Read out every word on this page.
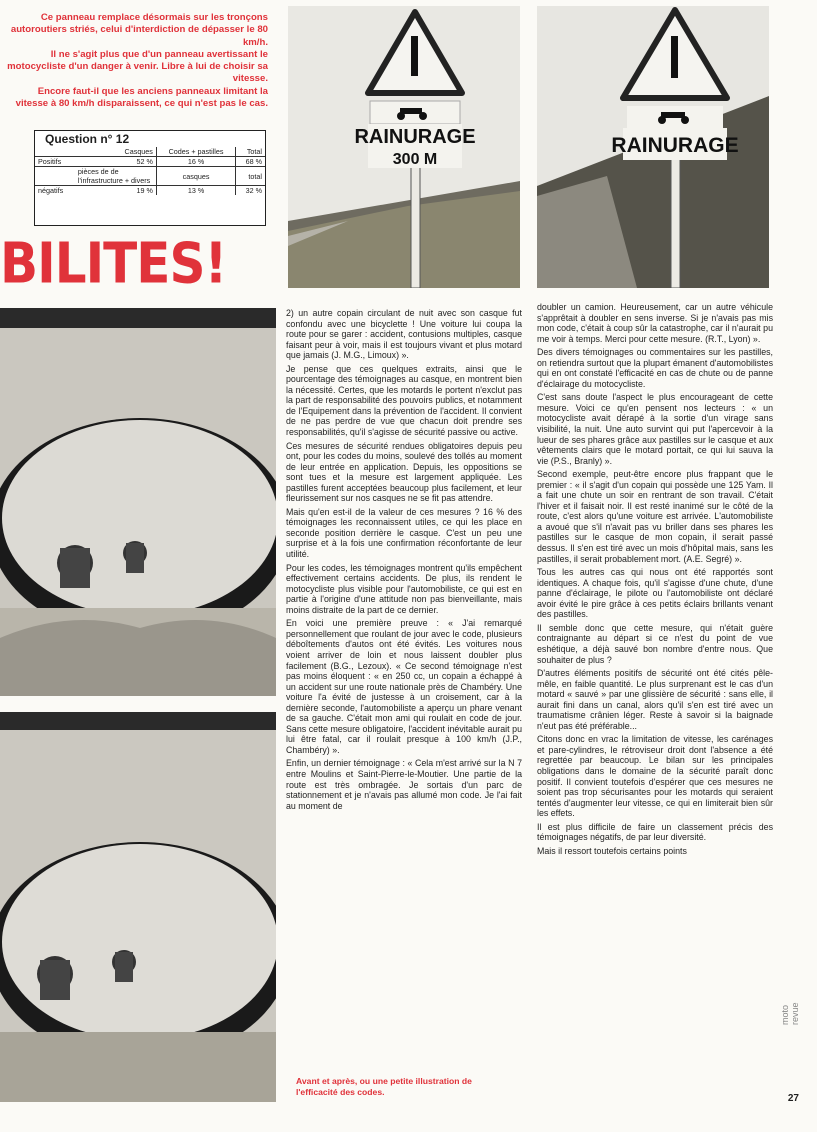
Ce panneau remplace désormais sur les tronçons autoroutiers striés, celui d'interdiction de dépasser le 80 km/h.

Il ne s'agit plus que d'un panneau avertissant le motocycliste d'un danger à venir. Libre à lui de choisir sa vitesse.

Encore faut-il que les anciens panneaux limitant la vitesse à 80 km/h disparaissent, ce qui n'est pas le cas.

Question n° 12
	Casques	Codes + pastilles	Total
Positifs	52 %	16 %	68 %
	pièces de de l'infrastructure + divers	casques	total
négatifs	19 %	13 %	32 %
BILITES!
RAINURAGE
300 M
RAINURAGE

2) un autre copain circulant de nuit avec son casque fut confondu avec une bicyclette ! Une voiture lui coupa la route pour se garer : accident, contusions multiples, casque faisant peur à voir, mais il est toujours vivant et plus motard que jamais (J. M.G., Limoux) ».

Je pense que ces quelques extraits, ainsi que le pourcentage des témoignages au casque, en montrent bien la nécessité. Certes, que les motards le portent n'exclut pas la part de responsabilité des pouvoirs publics, et notamment de l'Equipement dans la prévention de l'accident. Il convient de ne pas perdre de vue que chacun doit prendre ses responsabilités, qu'il s'agisse de sécurité passive ou active.

Ces mesures de sécurité rendues obligatoires depuis peu ont, pour les codes du moins, soulevé des tollés au moment de leur entrée en application. Depuis, les oppositions se sont tues et la mesure est largement appliquée. Les pastilles furent acceptées beaucoup plus facilement, et leur fleurissement sur nos casques ne se fit pas attendre.

Mais qu'en est-il de la valeur de ces mesures ? 16 % des témoignages les reconnaissent utiles, ce qui les place en seconde position derrière le casque. C'est un peu une surprise et à la fois une confirmation réconfortante de leur utilité.

Pour les codes, les témoignages montrent qu'ils empêchent effectivement certains accidents. De plus, ils rendent le motocycliste plus visible pour l'automobiliste, ce qui est en partie à l'origine d'une attitude non pas bienveillante, mais moins distraite de la part de ce dernier.

En voici une première preuve : « J'ai remarqué personnellement que roulant de jour avec le code, plusieurs déboîtements d'autos ont été évités. Les voitures nous voient arriver de loin et nous laissent doubler plus facilement (B.G., Lezoux). « Ce second témoignage n'est pas moins éloquent : « en 250 cc, un copain a échappé à un accident sur une route nationale près de Chambéry. Une voiture l'a évité de justesse à un croisement, car à la dernière seconde, l'automobiliste a aperçu un phare venant de sa gauche. C'était mon ami qui roulait en code de jour. Sans cette mesure obligatoire, l'accident inévitable aurait pu lui être fatal, car il roulait presque à 100 km/h (J.P., Chambéry) ».

Enfin, un dernier témoignage : « Cela m'est arrivé sur la N 7 entre Moulins et Saint-Pierre-le-Moutier. Une partie de la route est très ombragée. Je sortais d'un parc de stationnement et je n'avais pas allumé mon code. Je l'ai fait au moment de

Avant et après, ou une petite illustration de l'efficacité des codes.

doubler un camion. Heureusement, car un autre véhicule s'apprêtait à doubler en sens inverse. Si je n'avais pas mis mon code, c'était à coup sûr la catastrophe, car il n'aurait pu me voir à temps. Merci pour cette mesure. (R.T., Lyon) ».

Des divers témoignages ou commentaires sur les pastilles, on retiendra surtout que la plupart émanent d'automobilistes qui en ont constaté l'efficacité en cas de chute ou de panne d'éclairage du motocycliste.

C'est sans doute l'aspect le plus encourageant de cette mesure. Voici ce qu'en pensent nos lecteurs : « un motocycliste avait dérapé à la sortie d'un virage sans visibilité, la nuit. Une auto survint qui put l'apercevoir à la lueur de ses phares grâce aux pastilles sur le casque et aux vêtements clairs que le motard portait, ce qui lui sauva la vie (P.S., Branly) ».

Second exemple, peut-être encore plus frappant que le premier : « il s'agit d'un copain qui possède une 125 Yam. Il a fait une chute un soir en rentrant de son travail. C'était l'hiver et il faisait noir. Il est resté inanimé sur le côté de la route, c'est alors qu'une voiture est arrivée. L'automobiliste a avoué que s'il n'avait pas vu briller dans ses phares les pastilles sur le casque de mon copain, il serait passé dessus. Il s'en est tiré avec un mois d'hôpital mais, sans les pastilles, il serait probablement mort. (A.E. Segré) ».

Tous les autres cas qui nous ont été rapportés sont identiques. A chaque fois, qu'il s'agisse d'une chute, d'une panne d'éclairage, le pilote ou l'automobiliste ont déclaré avoir évité le pire grâce à ces petits éclairs brillants venant des pastilles.

Il semble donc que cette mesure, qui n'était guère contraignante au départ si ce n'est du point de vue eshétique, a déjà sauvé bon nombre d'entre nous. Que souhaiter de plus ?

D'autres éléments positifs de sécurité ont été cités pêle-mêle, en faible quantité. Le plus surprenant est le cas d'un motard « sauvé » par une glissière de sécurité : sans elle, il aurait fini dans un canal, alors qu'il s'en est tiré avec un traumatisme crânien léger. Reste à savoir si la baignade n'eut pas été préférable...

Citons donc en vrac la limitation de vitesse, les carénages et pare-cylindres, le rétroviseur droit dont l'absence a été regrettée par beaucoup. Le bilan sur les principales obligations dans le domaine de la sécurité paraît donc positif. Il convient toutefois d'espérer que ces mesures ne soient pas trop sécurisantes pour les motards qui seraient tentés d'augmenter leur vitesse, ce qui en limiterait bien sûr les effets.

Il est plus difficile de faire un classement précis des témoignages négatifs, de par leur diversité.

Mais il ressort toutefois certains points

27
moto revue
